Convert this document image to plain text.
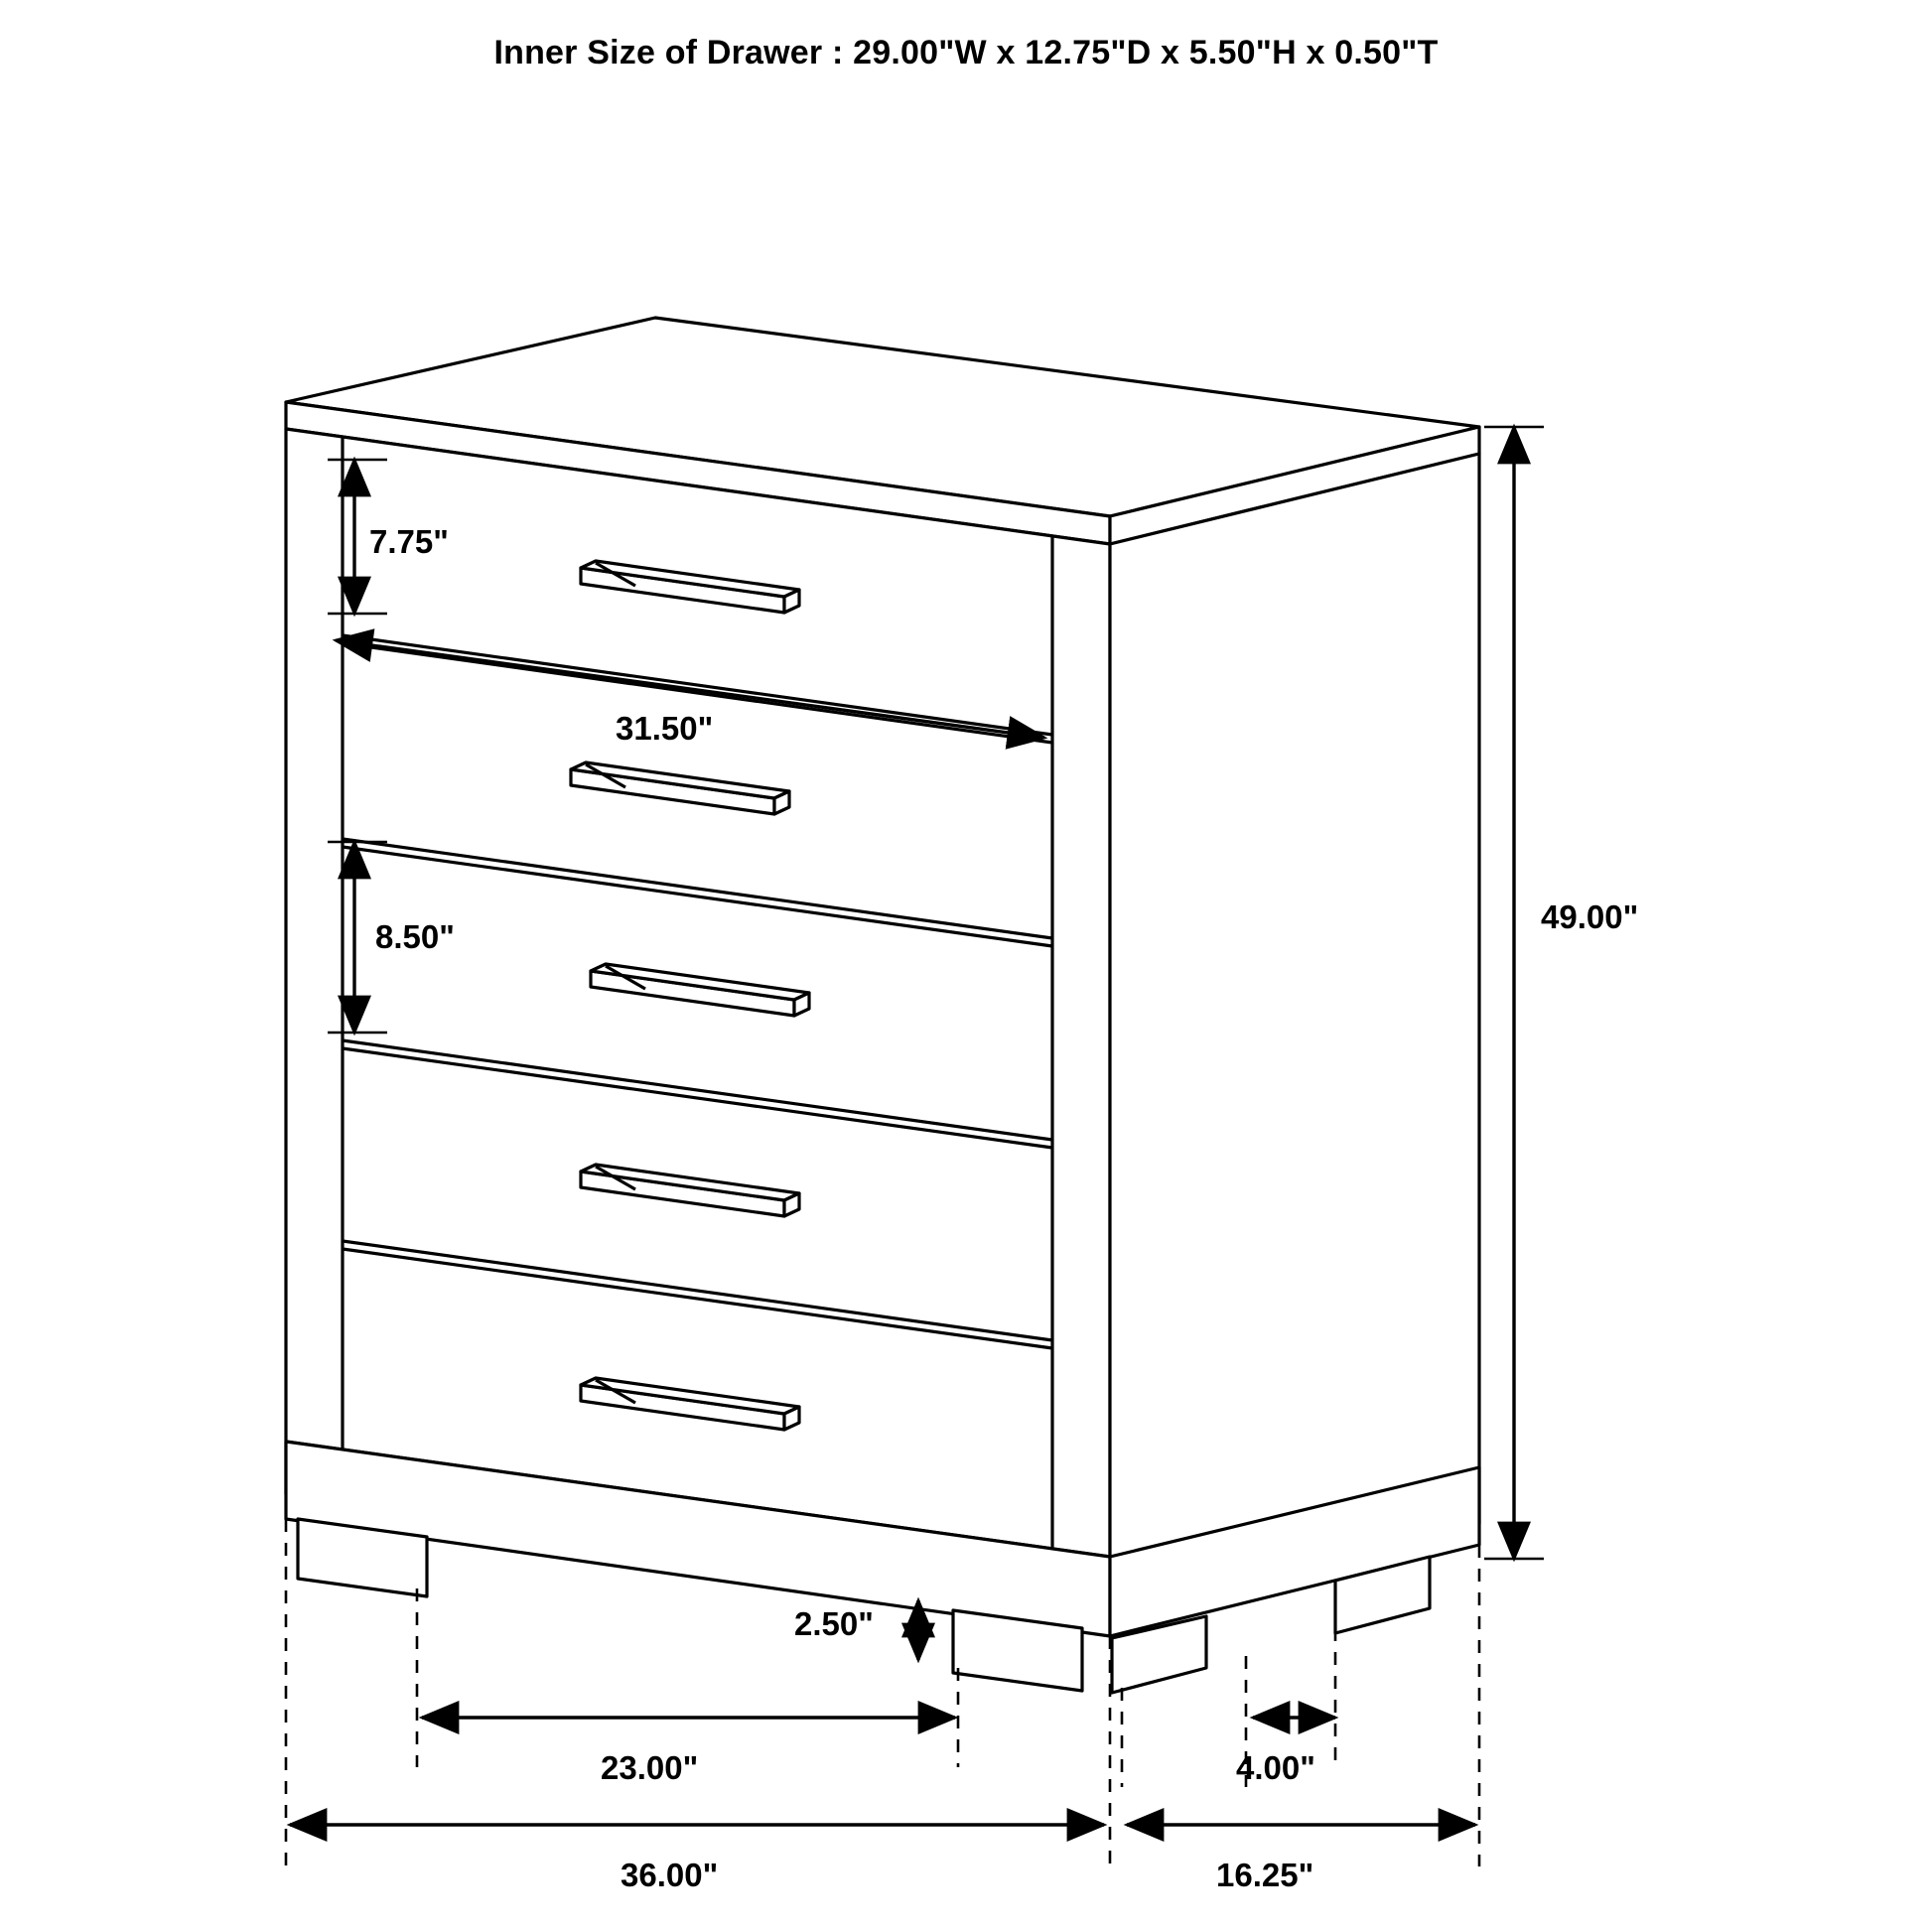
Inner Size of Drawer : 29.00"W x 12.75"D x 5.50"H x 0.50"T
7.75"
31.50"
8.50"
49.00"
2.50"
23.00"	4.00"
36.00"	16.25"
